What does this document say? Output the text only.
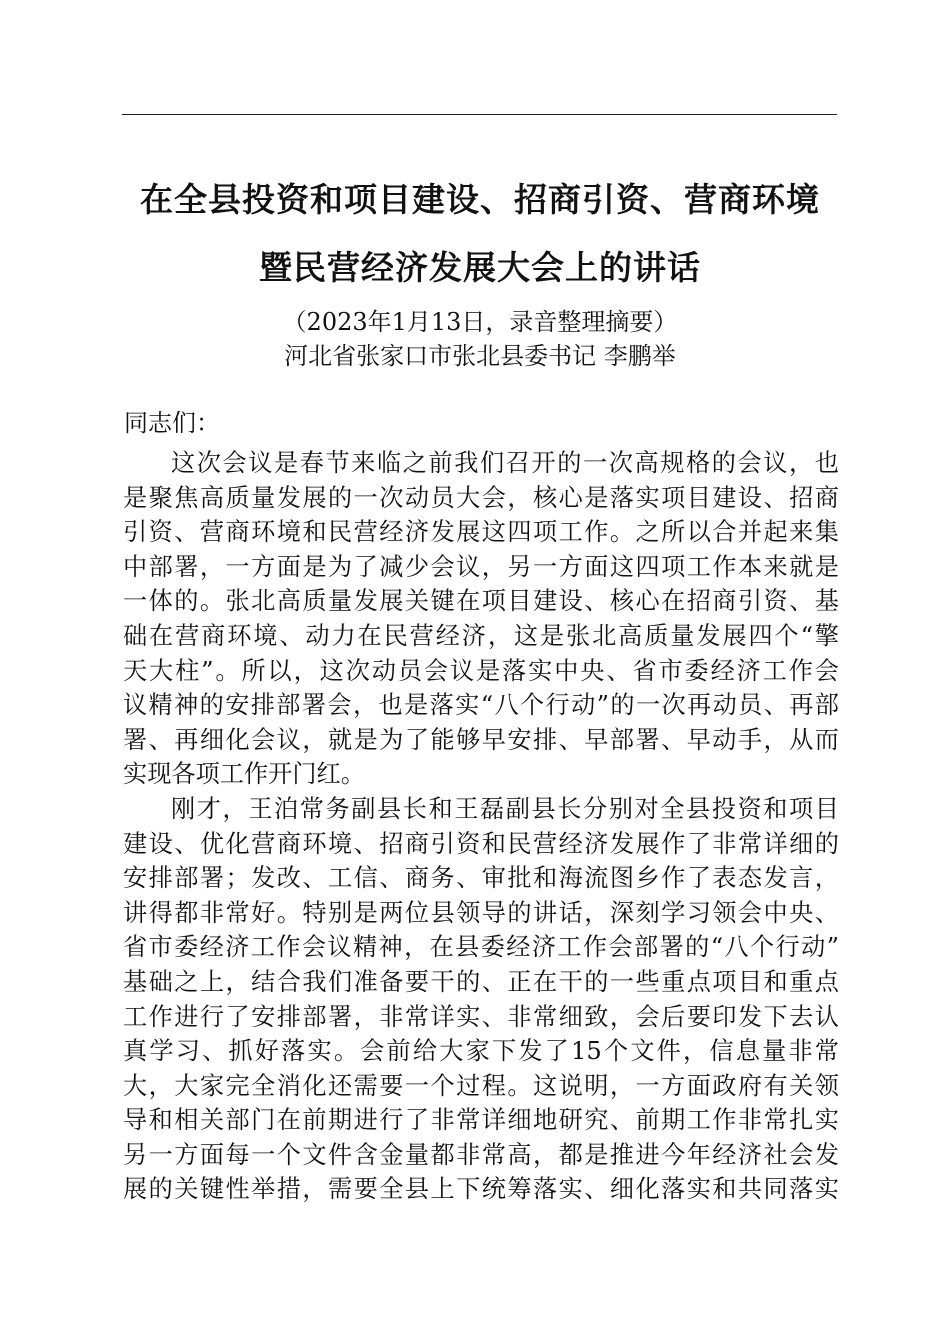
在全县投资和项目建设、招商引资、营商环境
暨民营经济发展大会上的讲话
（2023年1月13日，录音整理摘要）
河北省张家口市张北县委书记 李鹏举
同志们：
这次会议是春节来临之前我们召开的一次高规格的会议，也
是聚焦高质量发展的一次动员大会，核心是落实项目建设、招商
引资、营商环境和民营经济发展这四项工作。之所以合并起来集
中部署，一方面是为了减少会议，另一方面这四项工作本来就是
一体的。张北高质量发展关键在项目建设、核心在招商引资、基
础在营商环境、动力在民营经济，这是张北高质量发展四个“擎
天大柱”。所以，这次动员会议是落实中央、省市委经济工作会
议精神的安排部署会，也是落实“八个行动”的一次再动员、再部
署、再细化会议，就是为了能够早安排、早部署、早动手，从而
实现各项工作开门红。
刚才，王泊常务副县长和王磊副县长分别对全县投资和项目
建设、优化营商环境、招商引资和民营经济发展作了非常详细的
安排部署；发改、工信、商务、审批和海流图乡作了表态发言，
讲得都非常好。特别是两位县领导的讲话，深刻学习领会中央、
省市委经济工作会议精神，在县委经济工作会部署的“八个行动”
基础之上，结合我们准备要干的、正在干的一些重点项目和重点
工作进行了安排部署，非常详实、非常细致，会后要印发下去认
真学习、抓好落实。会前给大家下发了15个文件，信息量非常
大，大家完全消化还需要一个过程。这说明，一方面政府有关领
导和相关部门在前期进行了非常详细地研究、前期工作非常扎实
另一方面每一个文件含金量都非常高，都是推进今年经济社会发
展的关键性举措，需要全县上下统筹落实、细化落实和共同落实
